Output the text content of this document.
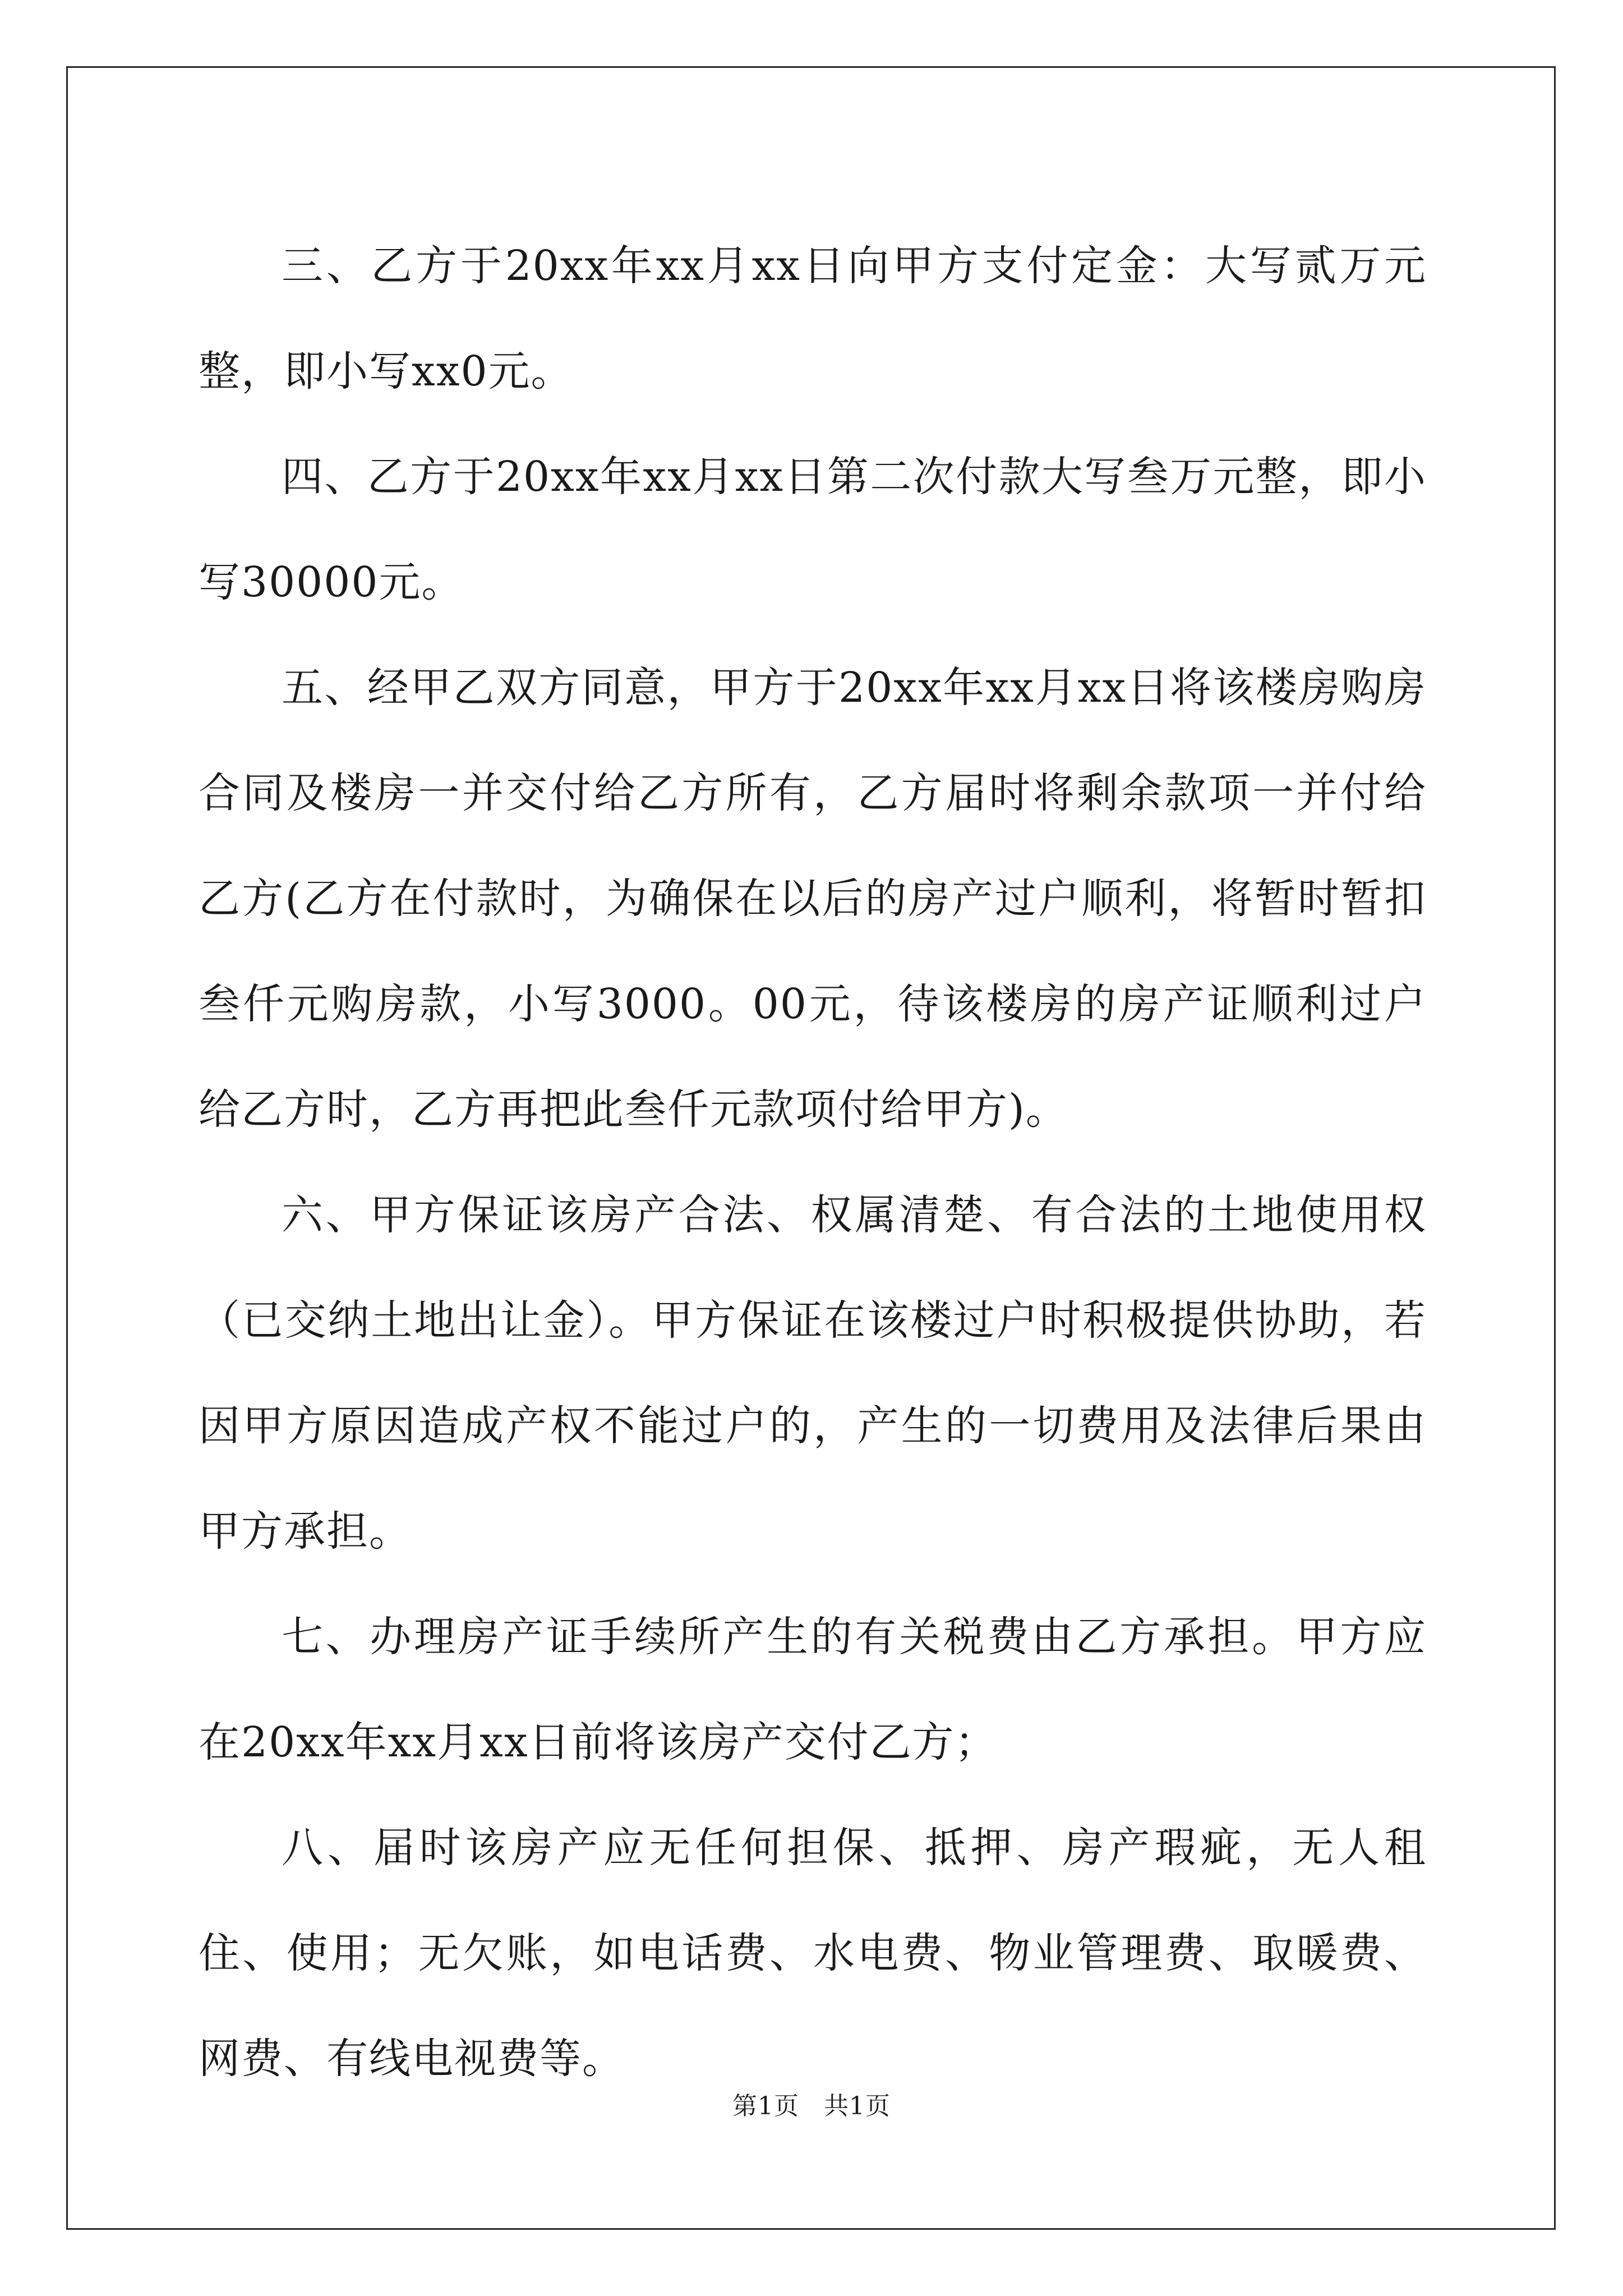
三、乙方于20xx年xx月xx日向甲方支付定金：大写贰万元整，即小写xx0元。

四、乙方于20xx年xx月xx日第二次付款大写叁万元整，即小写30000元。

五、经甲乙双方同意，甲方于20xx年xx月xx日将该楼房购房合同及楼房一并交付给乙方所有，乙方届时将剩余款项一并付给乙方(乙方在付款时，为确保在以后的房产过户顺利，将暂时暂扣叁仟元购房款，小写3000。00元，待该楼房的房产证顺利过户给乙方时，乙方再把此叁仟元款项付给甲方)。

六、甲方保证该房产合法、权属清楚、有合法的土地使用权（已交纳土地出让金）。甲方保证在该楼过户时积极提供协助，若因甲方原因造成产权不能过户的，产生的一切费用及法律后果由甲方承担。

七、办理房产证手续所产生的有关税费由乙方承担。甲方应在20xx年xx月xx日前将该房产交付乙方；

八、届时该房产应无任何担保、抵押、房产瑕疵，无人租住、使用；无欠账，如电话费、水电费、物业管理费、取暖费、网费、有线电视费等。

第1页 共1页
